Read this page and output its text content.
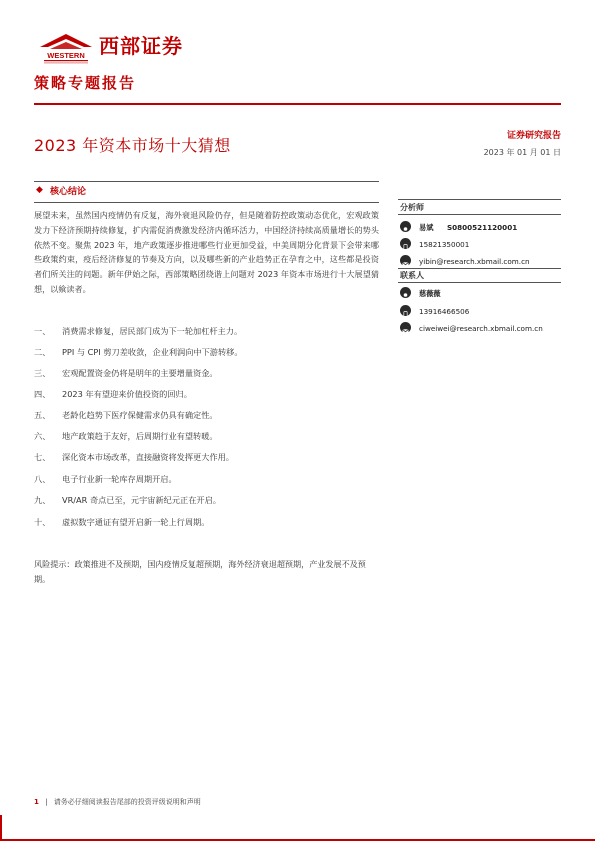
WESTERN 西部证券
策略专题报告
2023 年资本市场十大猜想	证券研究报告
2023 年 01 月 01 日
◆ 核心结论
展望未来，虽然国内疫情仍有反复，海外衰退风险仍存，但是随着防控政策动态优化，宏观政策发力下经济预期持续修复，扩内需促消费激发经济内循环活力，中国经济持续高质量增长的势头依然不变。聚焦 2023 年，地产政策逐步推进哪些行业更加受益，中美周期分化背景下会带来哪些政策约束，疫后经济修复的节奏及方向，以及哪些新的产业趋势正在孕育之中，这些都是投资者们所关注的问题。新年伊始之际，西部策略团绕谐上问题对 2023 年资本市场进行十大展望猜想，以飨读者。
一、 消费需求修复，居民部门成为下一轮加杠杆主力。
二、 PPI 与 CPI 剪刀差收敛，企业利润向中下游转移。
三、 宏观配置资金仍将是明年的主要增量资金。
四、 2023 年有望迎来价值投资的回归。
五、 老龄化趋势下医疗保健需求仍具有确定性。
六、 地产政策趋于友好，后周期行业有望转暖。
七、 深化资本市场改革，直接融资将发挥更大作用。
八、 电子行业新一轮库存周期开启。
九、 VR/AR 奇点已至，元宇宙新纪元正在开启。
十、 虚拟数字通证有望开启新一轮上行周期。
风险提示：政策推进不及预期，国内疫情反复超预期，海外经济衰退超预期，产业发展不及预期。
分析师
易斌 S0800521120001
15821350001
yibin@research.xbmail.com.cn
联系人
慈薇薇
13916466506
ciweiwei@research.xbmail.com.cn
1 | 请务必仔细阅读报告尾部的投资评级说明和声明
